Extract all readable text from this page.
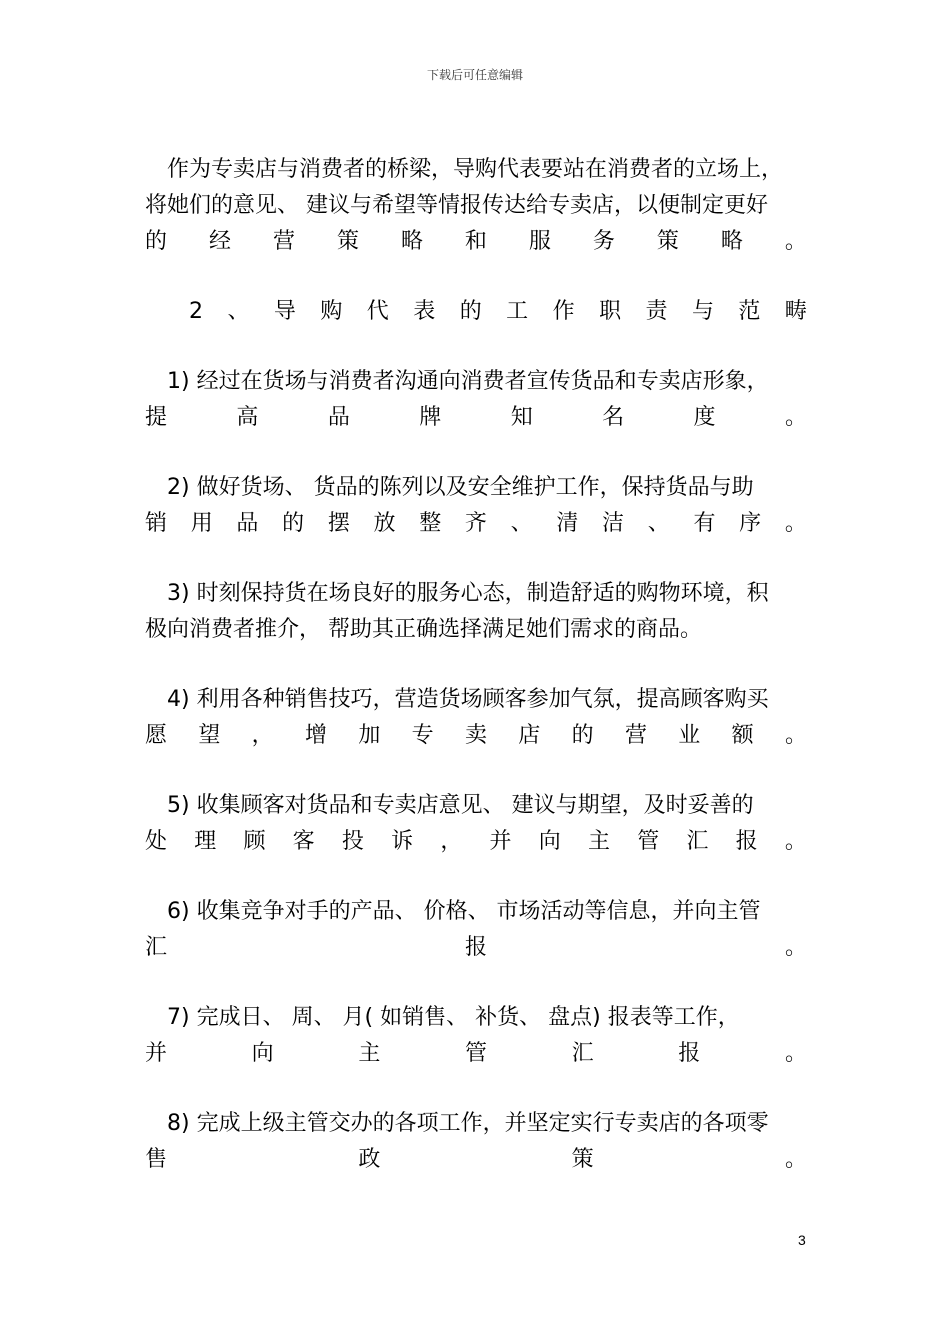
下载后可任意编辑
作为专卖店与消费者的桥梁，导购代表要站在消费者的立场上，
将她们的意见、 建议与希望等情报传达给专卖店，以便制定更好
的 经 营 策 略 和 服 务 策 略 。
2 、 导 购 代 表 的 工 作 职 责 与 范 畴
1) 经过在货场与消费者沟通向消费者宣传货品和专卖店形象，
提	高	品	牌	知	名	度	。
2) 做好货场、 货品的陈列以及安全维护工作，保持货品与助
销 用 品 的 摆 放 整 齐 、 清 洁 、 有 序 。
3) 时刻保持货在场良好的服务心态，制造舒适的购物环境，积
极向消费者推介， 帮助其正确选择满足她们需求的商品。
4) 利用各种销售技巧，营造货场顾客参加气氛，提高顾客购买
愿 望 ， 增 加 专 卖 店 的 营 业 额 。
5) 收集顾客对货品和专卖店意见、 建议与期望，及时妥善的
处 理 顾 客 投 诉 ， 并 向 主 管 汇 报 。
6) 收集竞争对手的产品、 价格、 市场活动等信息，并向主管
汇	报	。
7) 完成日、 周、 月( 如销售、 补货、 盘点) 报表等工作，
并	向	主	管	汇	报	。
8) 完成上级主管交办的各项工作，并坚定实行专卖店的各项零
售	政	策	。
3
